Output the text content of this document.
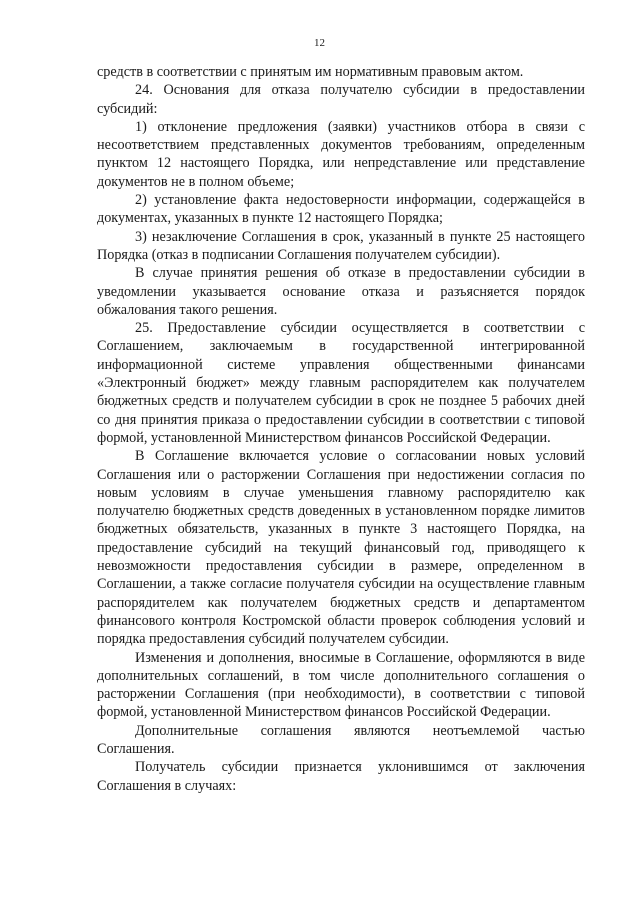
12

средств в соответствии с принятым им нормативным правовым актом.

24. Основания для отказа получателю субсидии в предоставлении субсидий:

1) отклонение предложения (заявки) участников отбора в связи с несоответствием представленных документов требованиям, определенным пунктом 12 настоящего Порядка, или непредставление или представление документов не в полном объеме;

2) установление факта недостоверности информации, содержащейся в документах, указанных в пункте 12 настоящего Порядка;

3) незаключение Соглашения в срок, указанный в пункте 25 настоящего Порядка (отказ в подписании Соглашения получателем субсидии).

В случае принятия решения об отказе в предоставлении субсидии в уведомлении указывается основание отказа и разъясняется порядок обжалования такого решения.

25. Предоставление субсидии осуществляется в соответствии с Соглашением, заключаемым в государственной интегрированной информационной системе управления общественными финансами «Электронный бюджет» между главным распорядителем как получателем бюджетных средств и получателем субсидии в срок не позднее 5 рабочих дней со дня принятия приказа о предоставлении субсидии в соответствии с типовой формой, установленной Министерством финансов Российской Федерации.

В Соглашение включается условие о согласовании новых условий Соглашения или о расторжении Соглашения при недостижении согласия по новым условиям в случае уменьшения главному распорядителю как получателю бюджетных средств доведенных в установленном порядке лимитов бюджетных обязательств, указанных в пункте 3 настоящего Порядка, на предоставление субсидий на текущий финансовый год, приводящего к невозможности предоставления субсидии в размере, определенном в Соглашении, а также согласие получателя субсидии на осуществление главным распорядителем как получателем бюджетных средств и департаментом финансового контроля Костромской области проверок соблюдения условий и порядка предоставления субсидий получателем субсидии.

Изменения и дополнения, вносимые в Соглашение, оформляются в виде дополнительных соглашений, в том числе дополнительного соглашения о расторжении Соглашения (при необходимости), в соответствии с типовой формой, установленной Министерством финансов Российской Федерации.

Дополнительные соглашения являются неотъемлемой частью Соглашения.

Получатель субсидии признается уклонившимся от заключения Соглашения в случаях:
